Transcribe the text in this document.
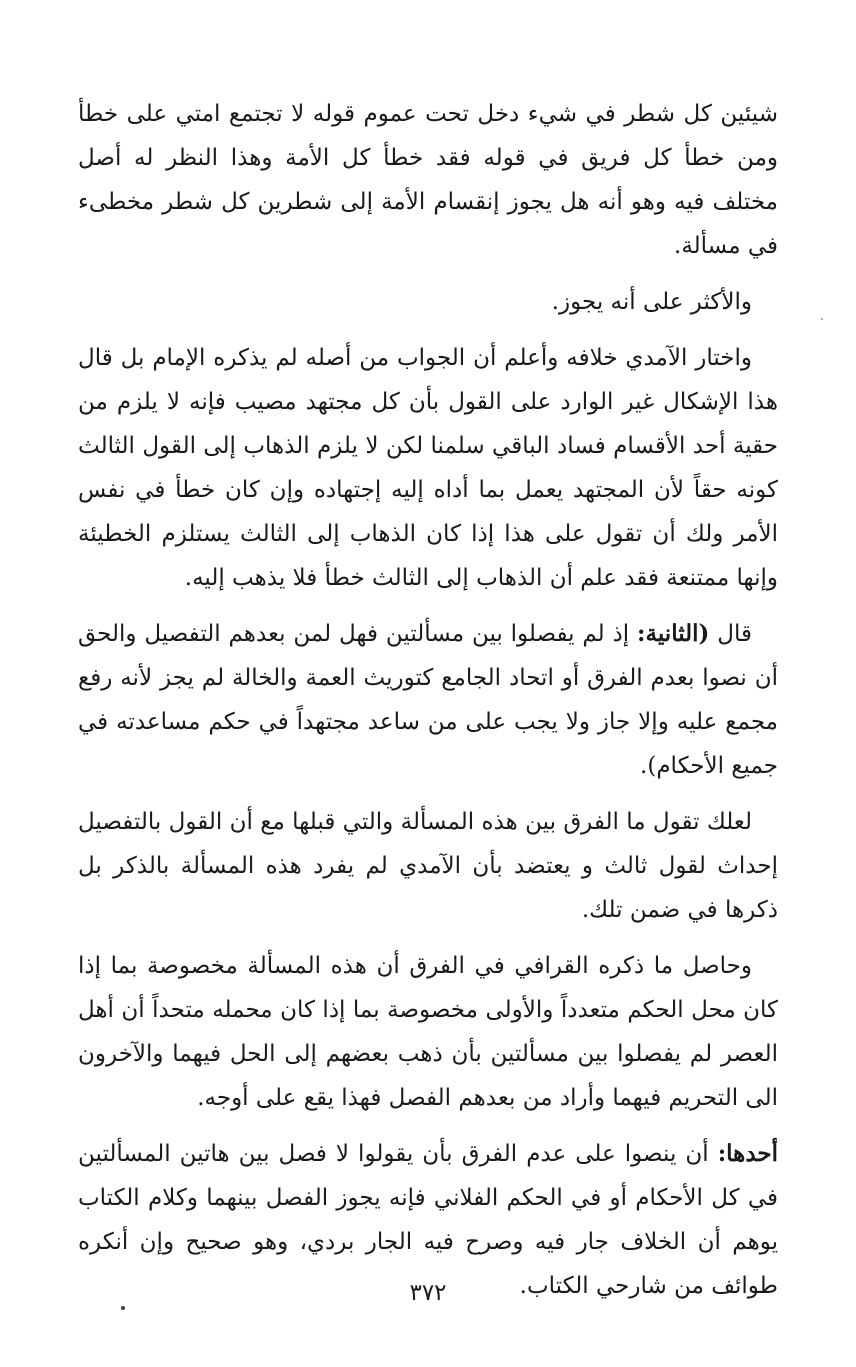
شيئين كل شطر في شيء دخل تحت عموم قوله لا تجتمع امتي على خطأ ومن خطأ كل فريق في قوله فقد خطأ كل الأمة وهذا النظر له أصل مختلف فيه وهو أنه هل يجوز إنقسام الأمة إلى شطرين كل شطر مخطىء في مسألة.

والأكثر على أنه يجوز.

واختار الآمدي خلافه وأعلم أن الجواب من أصله لم يذكره الإمام بل قال هذا الإشكال غير الوارد على القول بأن كل مجتهد مصيب فإنه لا يلزم من حقية أحد الأقسام فساد الباقي سلمنا لكن لا يلزم الذهاب إلى القول الثالث كونه حقاً لأن المجتهد يعمل بما أداه إليه إجتهاده وإن كان خطأ في نفس الأمر ولك أن تقول على هذا إذا كان الذهاب إلى الثالث يستلزم الخطيئة وإنها ممتنعة فقد علم أن الذهاب إلى الثالث خطأ فلا يذهب إليه.

قال (الثانية: إذ لم يفصلوا بين مسألتين فهل لمن بعدهم التفصيل والحق أن نصوا بعدم الفرق أو اتحاد الجامع كتوريث العمة والخالة لم يجز لأنه رفع مجمع عليه وإلا جاز ولا يجب على من ساعد مجتهداً في حكم مساعدته في جميع الأحكام).

لعلك تقول ما الفرق بين هذه المسألة والتي قبلها مع أن القول بالتفصيل إحداث لقول ثالث و يعتضد بأن الآمدي لم يفرد هذه المسألة بالذكر بل ذكرها في ضمن تلك.

وحاصل ما ذكره القرافي في الفرق أن هذه المسألة مخصوصة بما إذا كان محل الحكم متعدداً والأولى مخصوصة بما إذا كان محمله متحداً أن أهل العصر لم يفصلوا بين مسألتين بأن ذهب بعضهم إلى الحل فيهما والآخرون الى التحريم فيهما وأراد من بعدهم الفصل فهذا يقع على أوجه.

أحدها: أن ينصوا على عدم الفرق بأن يقولوا لا فصل بين هاتين المسألتين في كل الأحكام أو في الحكم الفلاني فإنه يجوز الفصل بينهما وكلام الكتاب يوهم أن الخلاف جار فيه وصرح فيه الجار بردي، وهو صحيح وإن أنكره طوائف من شارحي الكتاب.

٣٧٢
